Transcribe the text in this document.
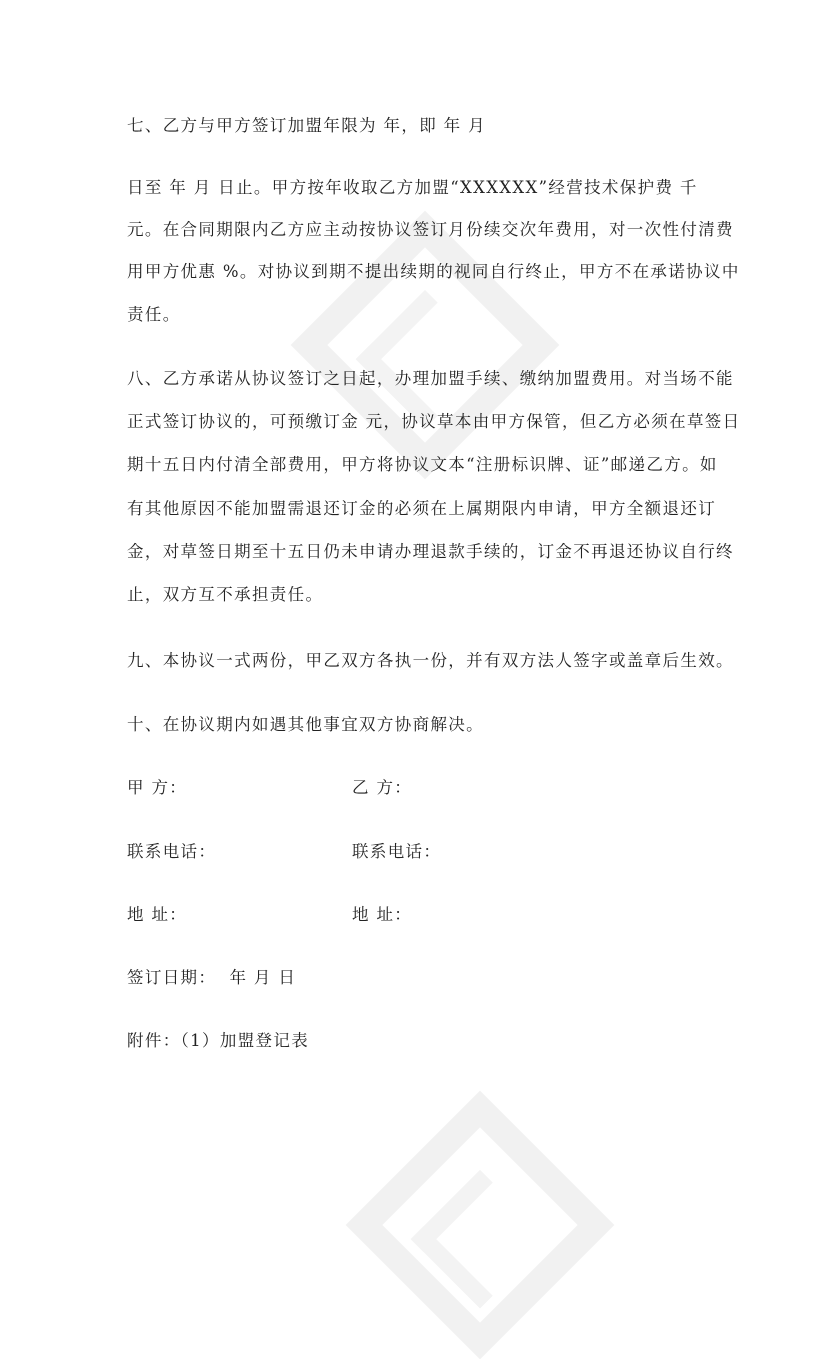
七、乙方与甲方签订加盟年限为 年，即 年 月
日至 年 月 日止。甲方按年收取乙方加盟“XXXXXX”经营技术保护费 千
元。在合同期限内乙方应主动按协议签订月份续交次年费用，对一次性付清费
用甲方优惠 %。对协议到期不提出续期的视同自行终止，甲方不在承诺协议中
责任。
八、乙方承诺从协议签订之日起，办理加盟手续、缴纳加盟费用。对当场不能
正式签订协议的，可预缴订金 元，协议草本由甲方保管，但乙方必须在草签日
期十五日内付清全部费用，甲方将协议文本“注册标识牌、证”邮递乙方。如
有其他原因不能加盟需退还订金的必须在上属期限内申请，甲方全额退还订
金，对草签日期至十五日仍未申请办理退款手续的，订金不再退还协议自行终
止，双方互不承担责任。
九、本协议一式两份，甲乙双方各执一份，并有双方法人签字或盖章后生效。
十、在协议期内如遇其他事宜双方协商解决。
甲 方：	乙 方：
联系电话：	联系电话：
地 址：	地 址：
签订日期：  年 月 日
附件：（1）加盟登记表
